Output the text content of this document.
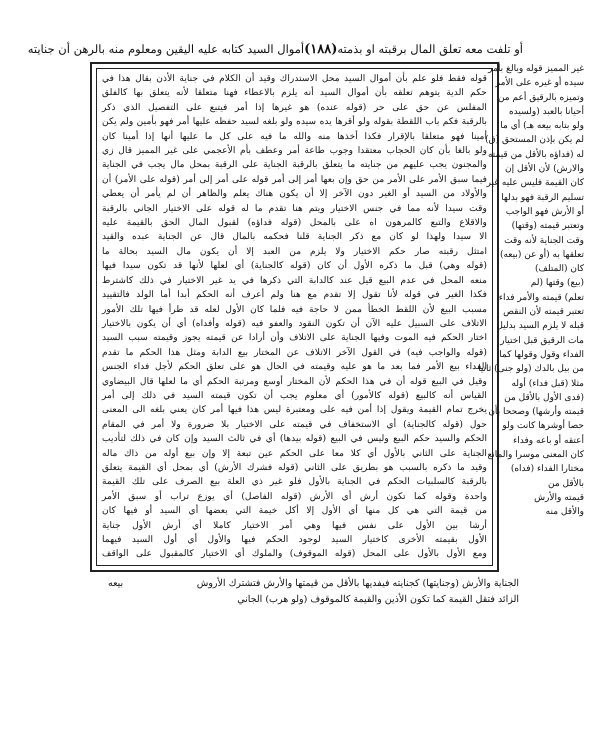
أو تلفت معه تعلق المال برقبته او بذمته
(١٨٨)
أموال السيد كتابه عليه اليقين ومعلوم منه بالرهن أن جنايته
قوله فقط فلو علم بأن أموال السيد محل الاستدراك وقيد أن الكلام في جناية الأذن بقال هذا في
حكم الدية يتوهم تعلقه بأن أموال السيد أنه يلزم بالاعطاء فهنا متعلقا لأنه يتعلق بها كالفلق
المفلس عن حق على حر (قوله عنده) هو غيرها إذا أمر فيتبع على التفصيل الذي ذكر
بالرقبة فكم باب اللقطة بقوله ولو أقرها يده سيده ولو بلغه لسيد حفظه عليها أمر فهو بأمين ولم يكن
أمينا فهو متعلقا بالإقرار فكذا أخذها منه والله ما فيه على كل ما عليها أنها إذا أمينا كان
ولو بالغا بأن كان الحجاب معتقدا وجوب طاعة أمر وعطف بأم الأعجمي على غير المميز قال زي
والمجنون يجب عليهم من جنايته ما يتعلق بالرقبة الجناية على الرقبة بمحل مال يجب في الجناية
فيما سبق الأمر على الأمر من حق وإن بعها أمر إلى أمر قوله على أمر إلى أمر (قوله على الأمر) أن
والأولاد من السيد أو الغير دون الآخر إلا أن يكون هناك يعلم والظاهر أن لم يأمر أن يعطي
وقت سيدا لأنه مما في جنس الاختيار ويتم هنا تقدم ما له قوله على الاختيار الجاني بالرقبة
والاقلاع والتبع كالمرهون اه على بالمحل (قوله فداؤه) لقبول المال الحق بالقيمة عليه
الا سيدا ولهذا لو كان مع ذكر الجناية قلنا فحكمه بالمال قال عن الجناية عبده والقيد
امتثل رقبته صار حكم الاختيار ولا يلزم من العبد إلا أن يكون مال السيد بحالة ما
(قوله وهي) قبل ما ذكره الأول أن كان (قوله كالجناية) أي لعلها لأنها قد تكون سيدا فيها
منعه المحل في عدم البيع قيل عند كالدابة التي ذكرها في يد غير الاختيار في ذلك كاشترط
فكذا الغير في قوله لأنا تقول إلا تقدم مع هنا ولم أعرف أنه الحكم أبدا أما الولد فالتقييد
مسبب البيع لأن اللقط الخطأ ممن لا حاجة فيه فلما كان الأول لعله قد طرأ فيها تلك الأمور
الاتلاف على السبيل عليه الآن أن تكون النقود والعفو فيه (قوله وأفداه) أي أن يكون بالاختيار
اختار الحكم فيه الموت وفيها الجناية على الاتلاف وأن أرادا عن قيمته يجوز وقيمته سبب السيد
(قوله والواجب فيه) في القول الآخر الاتلاف عن المختار بيع الدابة ومثل هذا الحكم ما تقدم
الفداء بيع الأمر فما بعد ما هو عليه وقيمته في الحال هو على تعلق الحكم لأجل فداء الجنس
وقيل في البيع قوله أن في هذا الحكم لأن المختار أوسع ومرتبة الحكم أي ما لعلها قال البيضاوي
القياس أنه كالبيع (قوله كالأمور) أي معلوم يجب أن تكون قيمته السيد في ذلك إلى أمر
يخرج تمام القيمة ويقول إذا أمن فيه على ومعتبرة ليس هذا فيها أمر كان يعني بلغه الى المعنى
حول (قوله كالجناية) أي الاستخفاف في قيمته على الاختيار بلا ضرورة ولا أمر في المقام
الحكم والسيد حكم البيع وليس في البيع (قوله بيدها) أي في ثالث السيد وإن كان في ذلك لتأديب
الجناية على الثاني بالأول أي كلا معا على الحكم عين تبعة إلا وإن بيع أوله من ذاك ماله
وقيد ما ذكره بالسبب هو بطريق على الثاني (قوله فشرك الأرش) أي بمحل أي القيمة يتعلق
بالرقبة كالسلبيات الحكم في الجناية بالأول فلو غير ذي العلة بيع الصرف على تلك القيمة
واحدة وقوله كما تكون أرش أي الأرش (قوله الفاصل) أي يوزع تراب أو سبق الأمر
من قيمة التي هي كل منها أي الأول إلا أكل خيمة التي بعضها أي السيد أو فيها كان
أرشا بين الأول على نفس فيها وهي أمر الاختيار كاملا أي أرش الأول جناية
الأول بقيمته الأخرى كاختيار السيد لوجود الحكم فيها والأول أي أول السيد فيهما
ومع الأول بالأول على المحل (قوله الموقوف) والملوك أي الاختيار كالمقبول على الواقف
غير المميز قوله وبالغ بأمر
سيده أو غيره على الأمر
وتميزه بالرقيق أعم من
أحيانا بالعبد (ولسيده
ولو بتابه بيعه هـ) أي ما
لم يكن بإذن المستحق (ق)
له (فداؤه بالأقل من قيمته
والارش) لأن الأقل إن
كان القيمة فليس عليه غير
تسليم الرقبة فهو بدلها
أو الأرش فهو الواجب
وتعتبر قيمته (وقتها)
وقت الجناية لأنه وقت
تعلقها به (أو عن (بيعه)
كان (المتلف)
(بيع) وقتها (لم
تعلم) قيمته والأمر فداء
تعتبر قيمته لأن النقص
قبله لا يلزم السيد بدليل
مات الرقيق قبل اختيار
الفداء وقول وقولها كما
من بيل بالدك (ولو جنى) ثانيا
مثلا (قبل فداء) أوله
(فدى الأول بالأقل من
قيمته وأرشها) وصححا بأن
حصا أوشرها كانت ولو
أعتقه أو باعه وفداء
كان المعنى موسرا والمانع
مختارا الفداء (فداه)
بالأقل من
قيمته والأرش
والأقل منه
الجناية والأرش (وجنايتها) كجنايته فيفديها بالأقل من قيمتها والأرش فتشترك الأروش
الزائد فتقل القيمة كما تكون الأذين والقيمة كالموقوف (ولو هرب) الجاني
بيعه
